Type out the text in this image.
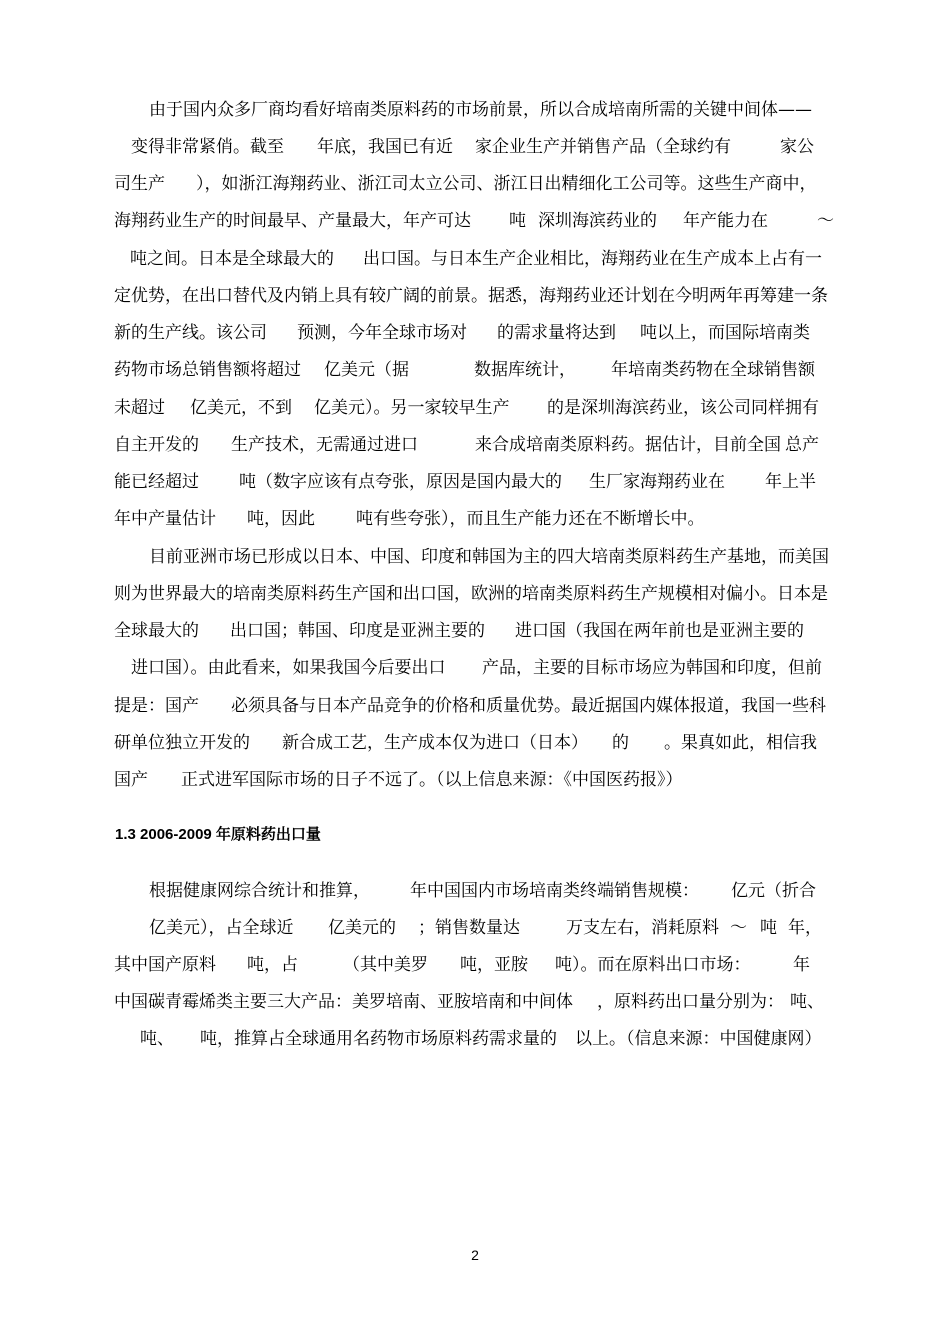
由于国内众多厂商均看好培南类原料药的市场前景，所以合成培南所需的关键中间体——
变得非常紧俏。截至 年底，我国已有近 家企业生产并销售 产品（全球约有	家公
司生产 ），如浙江海翔药业、浙江司太立公司、浙江日出精细化工公司等。这些生产商中，
海翔药业生产的时间最早、产量最大，年产可达 吨 深圳海滨药业的 年产能力在	～
吨之间。日本是全球最大的 出口国。与日本生产企业相比，海翔药业在生产成本上占有一
定优势，在出口替代及内销上具有较广阔的前景。据悉，海翔药业还计划在今明两年再筹建一条
新的生产线。该公司 预测，今年全球市场对 的需求量将达到 吨以上，而国际培南类
药物市场总销售额将超过 亿美元（据	数据库统计， 年培南类药物在全球销售额
未超过 亿美元，不到 亿美元）。另一家较早生产 的是深圳海滨药业，该公司同样拥有
自主开发的 生产技术，无需通过进口	来合成培南类原料药。据估计，目前全国 总产
能已经超过 吨（数字应该有点夸张，原因是国内最大的 生厂家海翔药业在 年上半
年中产量估计 吨，因此 吨有些夸张），而且生产能力还在不断增长中。
目前亚洲市场已形成以日本、中国、印度和韩国为主的四大培南类原料药生产基地，而美国
则为世界最大的培南类原料药生产国和出口国，欧洲的培南类原料药生产规模相对偏小。日本是
全球最大的 出口国；韩国、印度是亚洲主要的 进口国（我国在两年前也是亚洲主要的
进口国）。由此看来，如果我国今后要出口 产品，主要的目标市场应为韩国和印度，但前
提是：国产 必须具备与日本产品竞争的价格和质量优势。最近据国内媒体报道，我国一些科
研单位独立开发的 新合成工艺，生产成本仅为进口（日本） 的 。果真如此，相信我
国产 正式进军国际市场的日子不远了。（以上信息来源：《中国医药报》）
1.3 2006-2009 年原料药出口量
根据健康网综合统计和推算， 年中国国内市场培南类终端销售规模： 亿元（折合
亿美元），占全球近 亿美元的 ；销售数量达	万支左右，消耗原料 ～ 吨 年，
其中国产原料 吨，占	（其中美罗 吨，亚胺 吨）。而在原料出口市场：	年
中国碳青霉烯类主要三大产品：美罗培南、亚胺培南和中间体 ，原料药出口量分别为： 吨、
吨、 吨，推算占全球通用名药物市场原料药需求量的 以上。（信息来源：中国健康网）
2
